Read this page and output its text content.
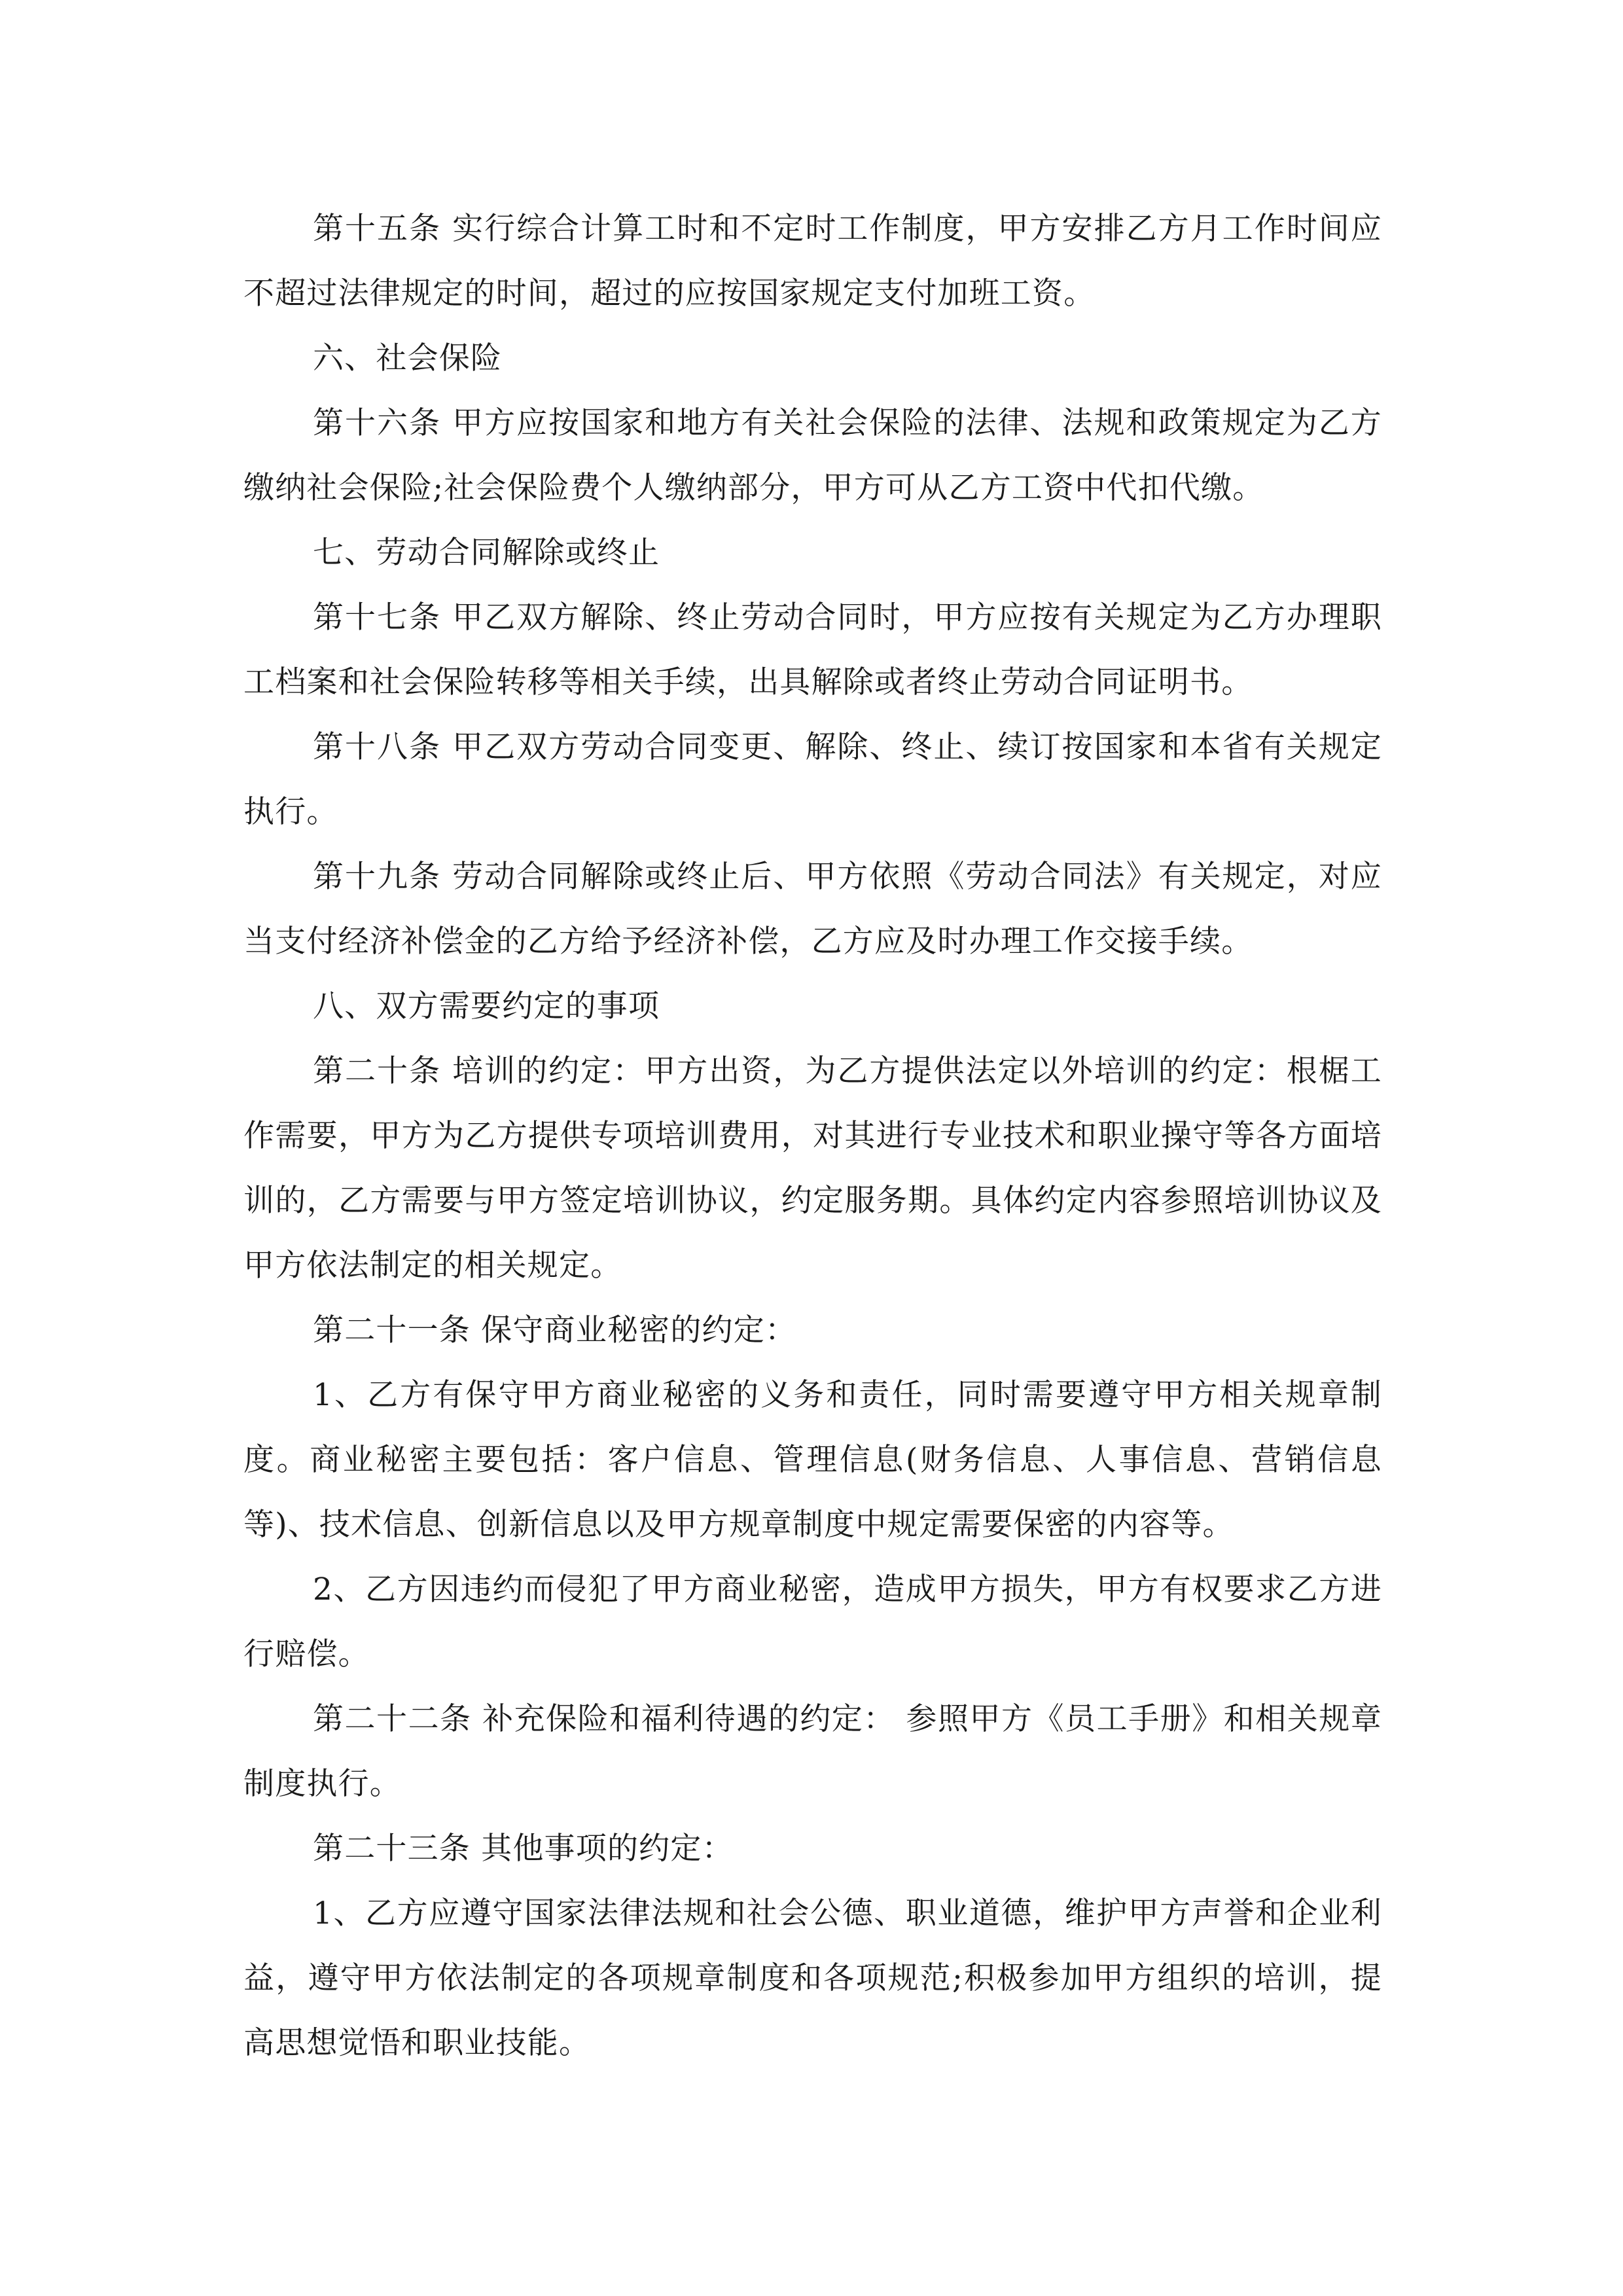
第十五条 实行综合计算工时和不定时工作制度，甲方安排乙方月工作时间应不超过法律规定的时间，超过的应按国家规定支付加班工资。

六、社会保险

第十六条 甲方应按国家和地方有关社会保险的法律、法规和政策规定为乙方缴纳社会保险;社会保险费个人缴纳部分，甲方可从乙方工资中代扣代缴。

七、劳动合同解除或终止

第十七条 甲乙双方解除、终止劳动合同时，甲方应按有关规定为乙方办理职工档案和社会保险转移等相关手续，出具解除或者终止劳动合同证明书。

第十八条 甲乙双方劳动合同变更、解除、终止、续订按国家和本省有关规定执行。

第十九条 劳动合同解除或终止后、甲方依照《劳动合同法》有关规定，对应当支付经济补偿金的乙方给予经济补偿，乙方应及时办理工作交接手续。

八、双方需要约定的事项

第二十条 培训的约定：甲方出资，为乙方提供法定以外培训的约定：根椐工作需要，甲方为乙方提供专项培训费用，对其进行专业技术和职业操守等各方面培训的，乙方需要与甲方签定培训协议，约定服务期。具体约定内容参照培训协议及甲方依法制定的相关规定。

第二十一条 保守商业秘密的约定：

1、乙方有保守甲方商业秘密的义务和责任，同时需要遵守甲方相关规章制度。商业秘密主要包括：客户信息、管理信息(财务信息、人事信息、营销信息等)、技术信息、创新信息以及甲方规章制度中规定需要保密的内容等。

2、乙方因违约而侵犯了甲方商业秘密，造成甲方损失，甲方有权要求乙方进行赔偿。

第二十二条 补充保险和福利待遇的约定： 参照甲方《员工手册》和相关规章制度执行。

第二十三条 其他事项的约定：

1、乙方应遵守国家法律法规和社会公德、职业道德，维护甲方声誉和企业利益，遵守甲方依法制定的各项规章制度和各项规范;积极参加甲方组织的培训，提高思想觉悟和职业技能。
